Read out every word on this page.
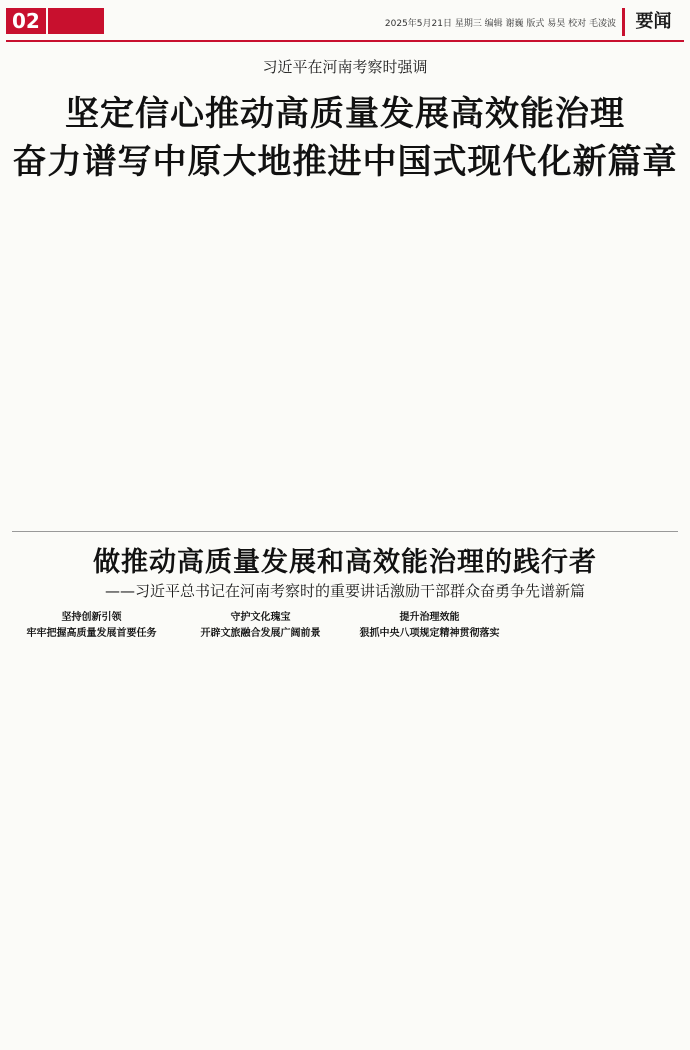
02	2025年5月21日 星期三 编辑 谢巍 版式 易昊 校对 毛凌波	要闻
习近平在河南考察时强调
坚定信心推动高质量发展高效能治理
奋力谱写中原大地推进中国式现代化新篇章

做推动高质量发展和高效能治理的践行者
——习近平总书记在河南考察时的重要讲话激励干部群众奋勇争先谱新篇

坚持创新引领
牢牢把握高质量发展首要任务

守护文化瑰宝
开辟文旅融合发展广阔前景

提升治理效能
狠抓中央八项规定精神贯彻落实
